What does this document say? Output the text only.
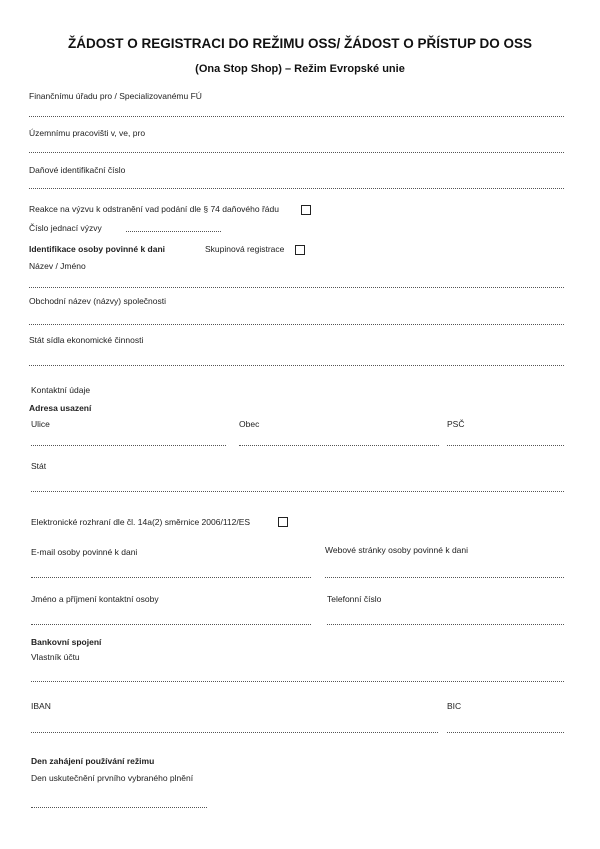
ŽÁDOST O REGISTRACI DO REŽIMU OSS/ ŽÁDOST O PŘÍSTUP DO OSS
(Ona Stop Shop) – Režim Evropské unie
Finančnímu úřadu pro / Specializovanému FÚ
Územnímu pracovišti v, ve, pro
Daňové identifikační číslo
Reakce na výzvu k odstranění vad podání dle § 74 daňového řádu
Číslo jednací výzvy
Identifikace osoby povinné k dani	Skupinová registrace
Název / Jméno
Obchodní název (názvy) společnosti
Stát sídla ekonomické činnosti
Kontaktní údaje
Adresa usazení
Ulice	Obec	PSČ
Stát
Elektronické rozhraní dle čl. 14a(2) směrnice 2006/112/ES
E-mail osoby povinné k dani	Webové stránky osoby povinné k dani
Jméno a příjmení kontaktní osoby	Telefonní číslo
Bankovní spojení
Vlastník účtu
IBAN	BIC
Den zahájení používání režimu
Den uskutečnění prvního vybraného plnění
